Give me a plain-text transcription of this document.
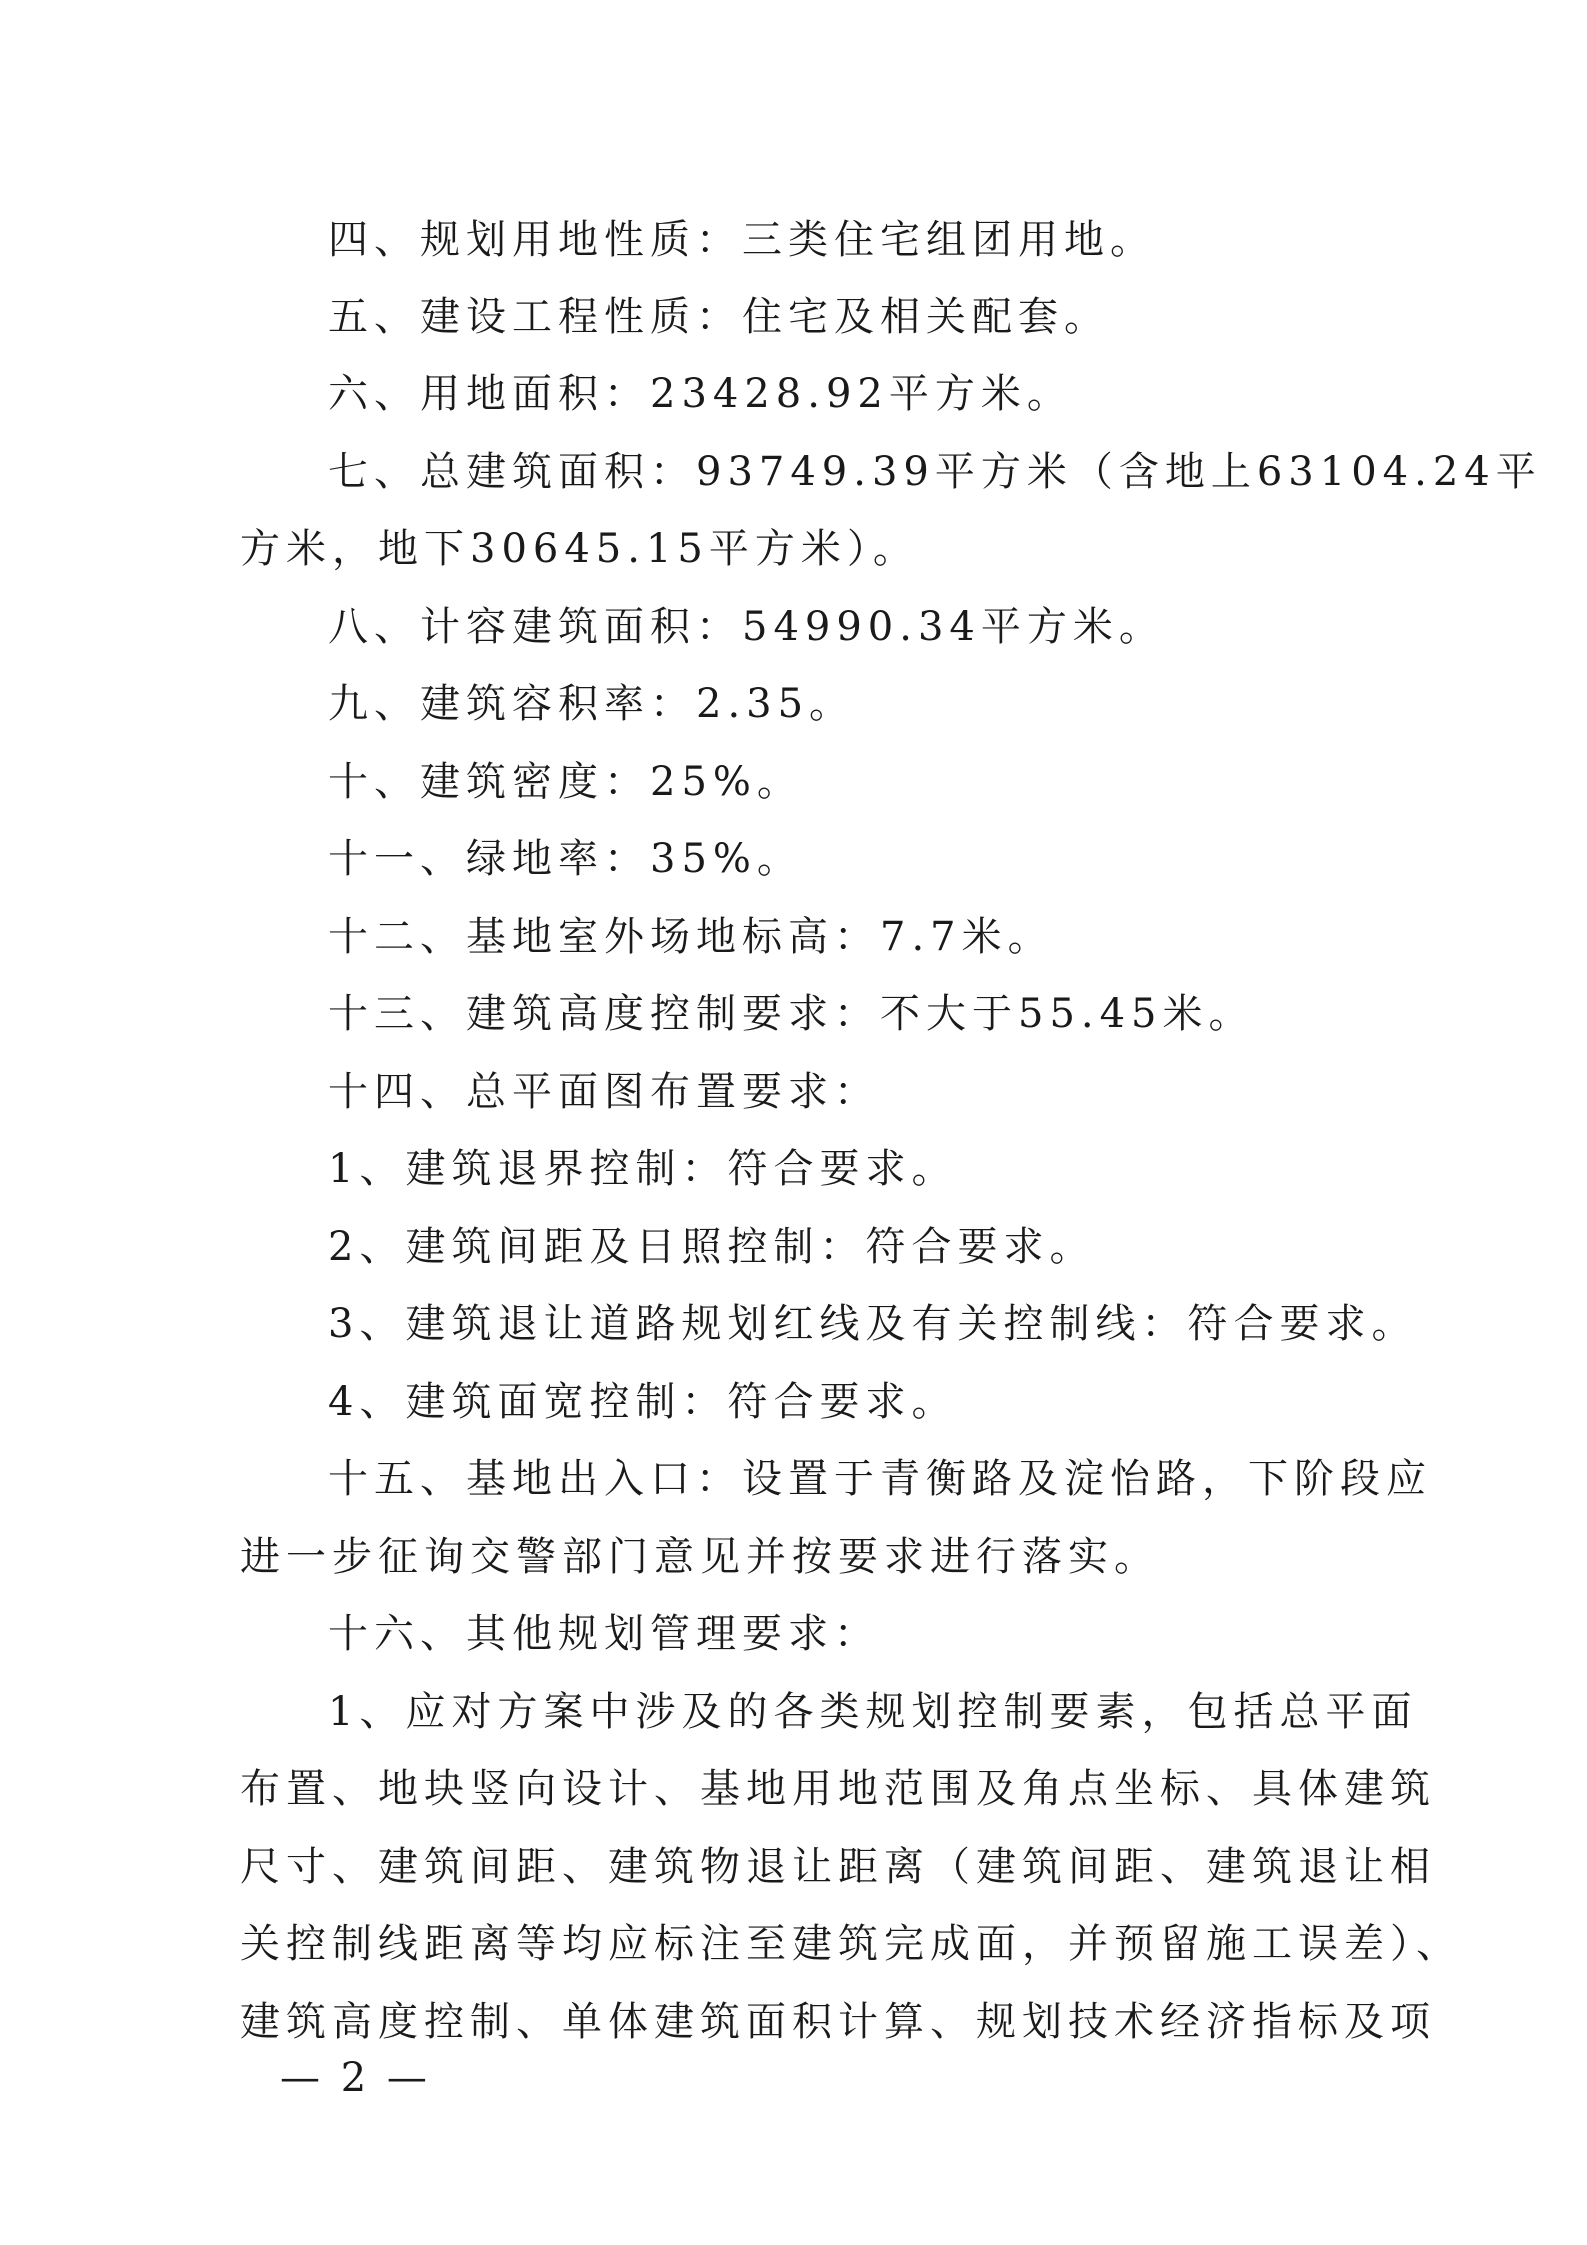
四、规划用地性质：三类住宅组团用地。
五、建设工程性质：住宅及相关配套。
六、用地面积：23428.92平方米。
七、总建筑面积：93749.39平方米（含地上63104.24平
方米，地下30645.15平方米）。
八、计容建筑面积：54990.34平方米。
九、建筑容积率：2.35。
十、建筑密度：25%。
十一、绿地率：35%。
十二、基地室外场地标高：7.7米。
十三、建筑高度控制要求：不大于55.45米。
十四、总平面图布置要求：
1、建筑退界控制：符合要求。
2、建筑间距及日照控制：符合要求。
3、建筑退让道路规划红线及有关控制线：符合要求。
4、建筑面宽控制：符合要求。
十五、基地出入口：设置于青衡路及淀怡路，下阶段应
进一步征询交警部门意见并按要求进行落实。
十六、其他规划管理要求：
1、应对方案中涉及的各类规划控制要素，包括总平面
布置、地块竖向设计、基地用地范围及角点坐标、具体建筑
尺寸、建筑间距、建筑物退让距离（建筑间距、建筑退让相
关控制线距离等均应标注至建筑完成面，并预留施工误差）、
建筑高度控制、单体建筑面积计算、规划技术经济指标及项
— 2 —
